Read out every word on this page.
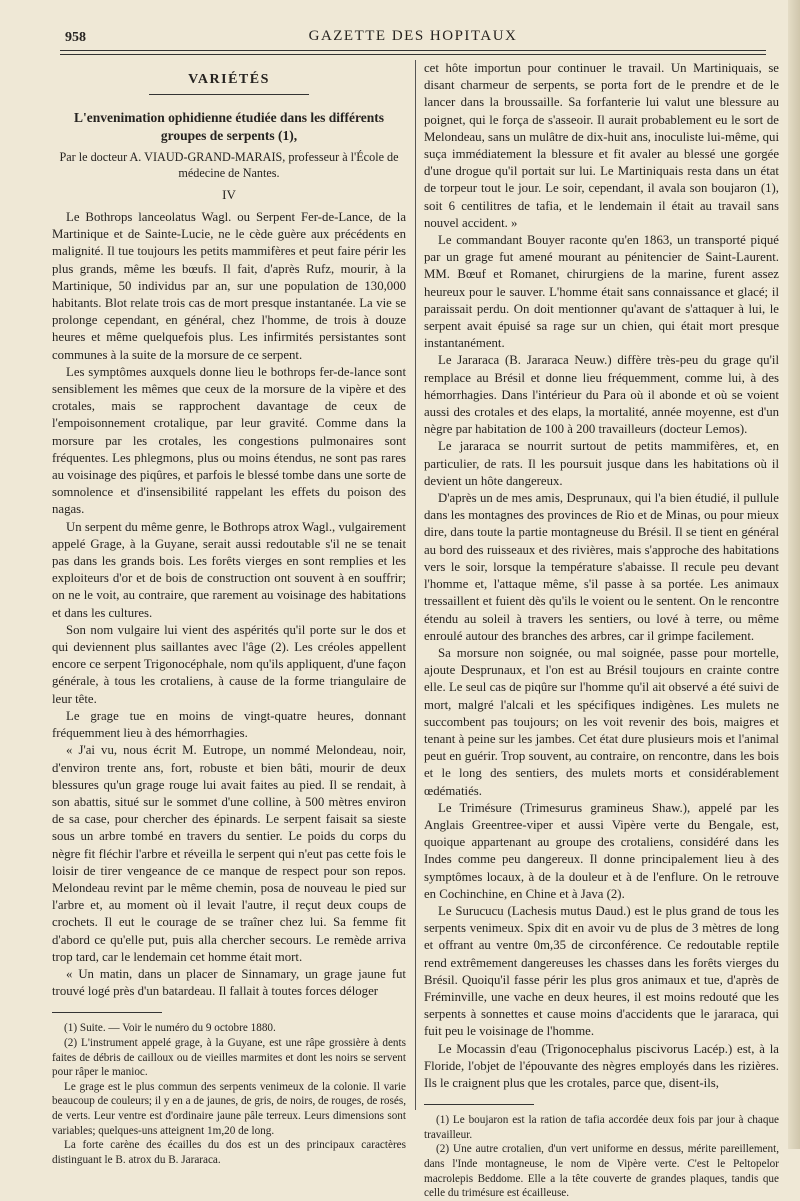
958	GAZETTE DES HOPITAUX
VARIÉTÉS
L'envenimation ophidienne étudiée dans les différents groupes de serpents (1),
Par le docteur A. VIAUD-GRAND-MARAIS, professeur à l'École de médecine de Nantes.
IV

Le Bothrops lanceolatus Wagl. ou Serpent Fer-de-Lance, de la Martinique et de Sainte-Lucie, ne le cède guère aux précédents en malignité. Il tue toujours les petits mammifères et peut faire périr les plus grands, même les bœufs. Il fait, d'après Rufz, mourir, à la Martinique, 50 individus par an, sur une population de 130,000 habitants. Blot relate trois cas de mort presque instantanée. La vie se prolonge cependant, en général, chez l'homme, de trois à douze heures et même quelquefois plus. Les infirmités persistantes sont communes à la suite de la morsure de ce serpent.

Les symptômes auxquels donne lieu le bothrops fer-de-lance sont sensiblement les mêmes que ceux de la morsure de la vipère et des crotales, mais se rapprochent davantage de ceux de l'empoisonnement crotalique, par leur gravité. Comme dans la morsure par les crotales, les congestions pulmonaires sont fréquentes. Les phlegmons, plus ou moins étendus, ne sont pas rares au voisinage des piqûres, et parfois le blessé tombe dans une sorte de somnolence et d'insensibilité rappelant les effets du poison des nagas.

Un serpent du même genre, le Bothrops atrox Wagl., vulgairement appelé Grage, à la Guyane, serait aussi redoutable s'il ne se tenait pas dans les grands bois. Les forêts vierges en sont remplies et les exploiteurs d'or et de bois de construction ont souvent à en souffrir; on ne le voit, au contraire, que rarement au voisinage des habitations et dans les cultures.

Son nom vulgaire lui vient des aspérités qu'il porte sur le dos et qui deviennent plus saillantes avec l'âge (2). Les créoles appellent encore ce serpent Trigonocéphale, nom qu'ils appliquent, d'une façon générale, à tous les crotaliens, à cause de la forme triangulaire de leur tête.

Le grage tue en moins de vingt-quatre heures, donnant fréquemment lieu à des hémorrhagies.

« J'ai vu, nous écrit M. Eutrope, un nommé Melondeau, noir, d'environ trente ans, fort, robuste et bien bâti, mourir de deux blessures qu'un grage rouge lui avait faites au pied. Il se rendait, à son abattis, situé sur le sommet d'une colline, à 500 mètres environ de sa case, pour chercher des épinards. Le serpent faisait sa sieste sous un arbre tombé en travers du sentier. Le poids du corps du nègre fit fléchir l'arbre et réveilla le serpent qui n'eut pas cette fois le loisir de tirer vengeance de ce manque de respect pour son repos. Melondeau revint par le même chemin, posa de nouveau le pied sur l'arbre et, au moment où il levait l'autre, il reçut deux coups de crochets. Il eut le courage de se traîner chez lui. Sa femme fit d'abord ce qu'elle put, puis alla chercher secours. Le remède arriva trop tard, car le lendemain cet homme était mort.

« Un matin, dans un placer de Sinnamary, un grage jaune fut trouvé logé près d'un batardeau. Il fallait à toutes forces déloger

(1) Suite. — Voir le numéro du 9 octobre 1880.

(2) L'instrument appelé grage, à la Guyane, est une râpe grossière à dents faites de débris de cailloux ou de vieilles marmites et dont les noirs se servent pour râper le manioc.

Le grage est le plus commun des serpents venimeux de la colonie. Il varie beaucoup de couleurs; il y en a de jaunes, de gris, de noirs, de rouges, de rosés, de verts. Leur ventre est d'ordinaire jaune pâle terreux. Leurs dimensions sont variables; quelques-uns atteignent 1m,20 de long.

La forte carène des écailles du dos est un des principaux caractères distinguant le B. atrox du B. Jararaca.

cet hôte importun pour continuer le travail. Un Martiniquais, se disant charmeur de serpents, se porta fort de le prendre et de le lancer dans la broussaille. Sa forfanterie lui valut une blessure au poignet, qui le força de s'asseoir. Il aurait probablement eu le sort de Melondeau, sans un mulâtre de dix-huit ans, inoculiste lui-même, qui suça immédiatement la blessure et fit avaler au blessé une gorgée d'une drogue qu'il portait sur lui. Le Martiniquais resta dans un état de torpeur tout le jour. Le soir, cependant, il avala son boujaron (1), soit 6 centilitres de tafia, et le lendemain il était au travail sans nouvel accident. »

Le commandant Bouyer raconte qu'en 1863, un transporté piqué par un grage fut amené mourant au pénitencier de Saint-Laurent. MM. Bœuf et Romanet, chirurgiens de la marine, furent assez heureux pour le sauver. L'homme était sans connaissance et glacé; il paraissait perdu. On doit mentionner qu'avant de s'attaquer à lui, le serpent avait épuisé sa rage sur un chien, qui était mort presque instantanément.

Le Jararaca (B. Jararaca Neuw.) diffère très-peu du grage qu'il remplace au Brésil et donne lieu fréquemment, comme lui, à des hémorrhagies. Dans l'intérieur du Para où il abonde et où se voient aussi des crotales et des elaps, la mortalité, année moyenne, est d'un nègre par habitation de 100 à 200 travailleurs (docteur Lemos).

Le jararaca se nourrit surtout de petits mammifères, et, en particulier, de rats. Il les poursuit jusque dans les habitations où il devient un hôte dangereux.

D'après un de mes amis, Desprunaux, qui l'a bien étudié, il pullule dans les montagnes des provinces de Rio et de Minas, ou pour mieux dire, dans toute la partie montagneuse du Brésil. Il se tient en général au bord des ruisseaux et des rivières, mais s'approche des habitations vers le soir, lorsque la température s'abaisse. Il recule peu devant l'homme et, l'attaque même, s'il passe à sa portée. Les animaux tressaillent et fuient dès qu'ils le voient ou le sentent. On le rencontre étendu au soleil à travers les sentiers, ou lové à terre, ou même enroulé autour des branches des arbres, car il grimpe facilement.

Sa morsure non soignée, ou mal soignée, passe pour mortelle, ajoute Desprunaux, et l'on est au Brésil toujours en crainte contre elle. Le seul cas de piqûre sur l'homme qu'il ait observé a été suivi de mort, malgré l'alcali et les spécifiques indigènes. Les mulets ne succombent pas toujours; on les voit revenir des bois, maigres et tenant à peine sur les jambes. Cet état dure plusieurs mois et l'animal peut en guérir. Trop souvent, au contraire, on rencontre, dans les bois et le long des sentiers, des mulets morts et considérablement œdématiés.

Le Trimésure (Trimesurus gramineus Shaw.), appelé par les Anglais Greentree-viper et aussi Vipère verte du Bengale, est, quoique appartenant au groupe des crotaliens, considéré dans les Indes comme peu dangereux. Il donne principalement lieu à des symptômes locaux, à de la douleur et à de l'enflure. On le retrouve en Cochinchine, en Chine et à Java (2).

Le Surucucu (Lachesis mutus Daud.) est le plus grand de tous les serpents venimeux. Spix dit en avoir vu de plus de 3 mètres de long et offrant au ventre 0m,35 de circonférence. Ce redoutable reptile rend extrêmement dangereuses les chasses dans les forêts vierges du Brésil. Quoiqu'il fasse périr les plus gros animaux et tue, d'après de Fréminville, une vache en deux heures, il est moins redouté que les serpents à sonnettes et cause moins d'accidents que le jararaca, qui fuit peu le voisinage de l'homme.

Le Mocassin d'eau (Trigonocephalus piscivorus Lacép.) est, à la Floride, l'objet de l'épouvante des nègres employés dans les rizières. Ils le craignent plus que les crotales, parce que, disent-ils,

(1) Le boujaron est la ration de tafia accordée deux fois par jour à chaque travailleur.

(2) Une autre crotalien, d'un vert uniforme en dessus, mérite pareillement, dans l'Inde montagneuse, le nom de Vipère verte. C'est le Peltopelor macrolepis Beddome. Elle a la tête couverte de grandes plaques, tandis que celle du trimésure est écailleuse.
